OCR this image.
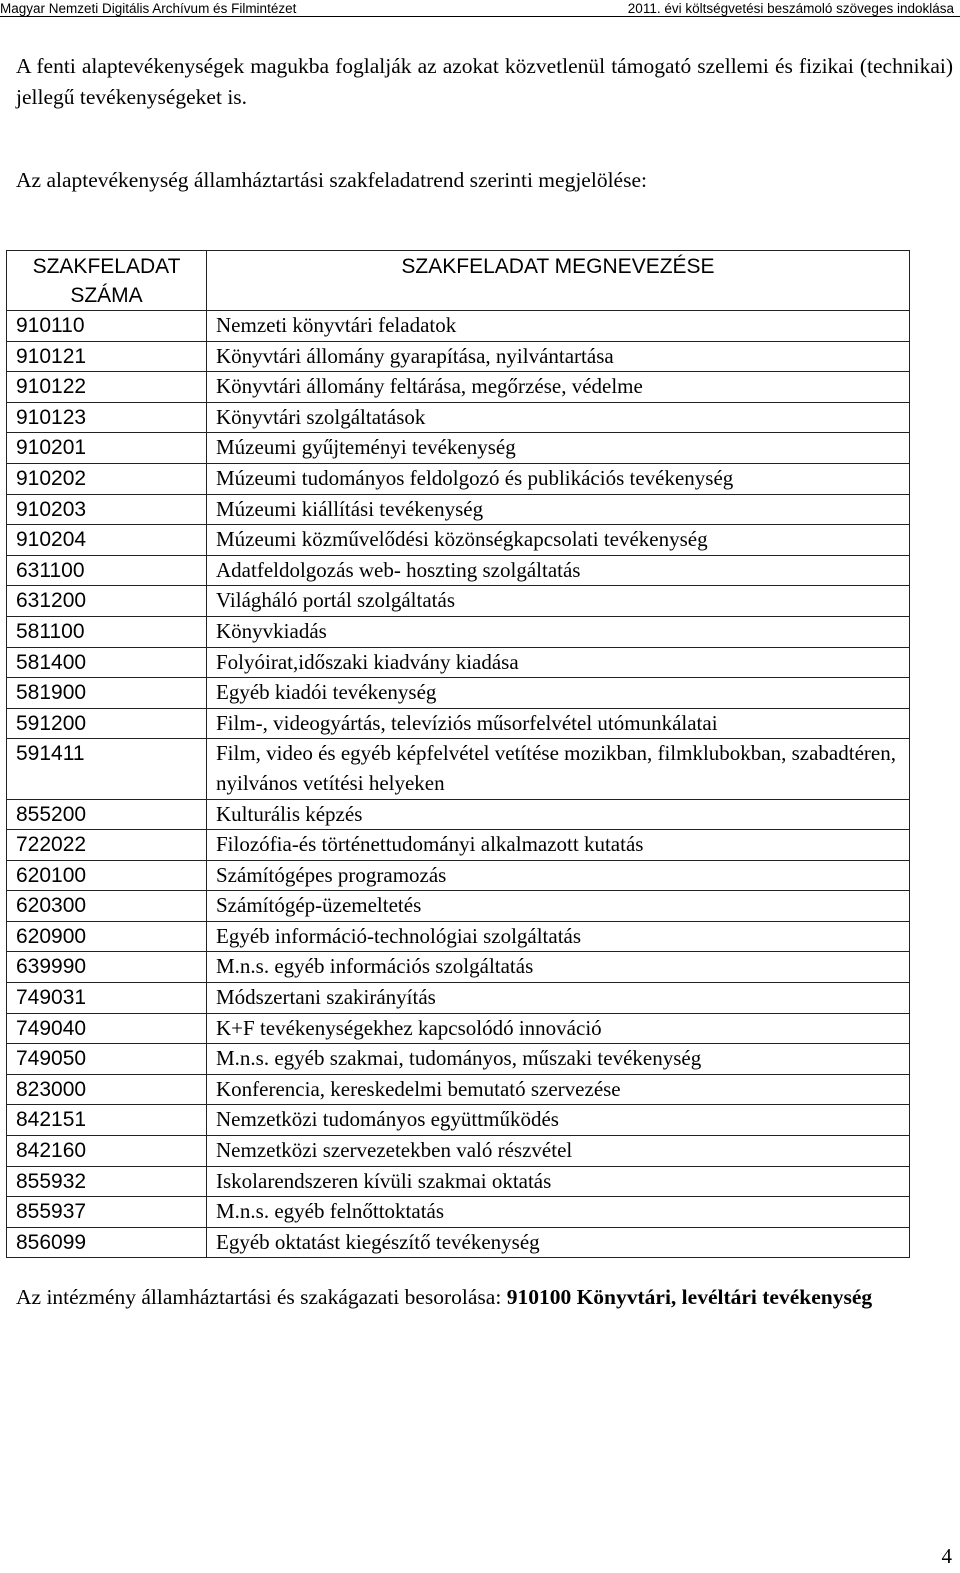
Magyar Nemzeti Digitális Archívum és Filmintézet	2011. évi költségvetési beszámoló szöveges indoklása
A fenti alaptevékenységek magukba foglalják az azokat közvetlenül támogató szellemi és fizikai (technikai) jellegű tevékenységeket is.
Az alaptevékenység államháztartási szakfeladatrend szerinti megjelölése:
SZAKFELADAT SZÁMA	SZAKFELADAT MEGNEVEZÉSE
910110	Nemzeti könyvtári feladatok
910121	Könyvtári állomány gyarapítása, nyilvántartása
910122	Könyvtári állomány feltárása, megőrzése, védelme
910123	Könyvtári szolgáltatások
910201	Múzeumi gyűjteményi tevékenység
910202	Múzeumi tudományos feldolgozó és publikációs tevékenység
910203	Múzeumi kiállítási tevékenység
910204	Múzeumi közművelődési közönségkapcsolati tevékenység
631100	Adatfeldolgozás web- hoszting szolgáltatás
631200	Világháló portál szolgáltatás
581100	Könyvkiadás
581400	Folyóirat,időszaki kiadvány kiadása
581900	Egyéb kiadói tevékenység
591200	Film-, videogyártás, televíziós műsorfelvétel utómunkálatai
591411	Film, video és egyéb képfelvétel vetítése mozikban, filmklubokban, szabadtéren, nyilvános vetítési helyeken
855200	Kulturális képzés
722022	Filozófia-és történettudományi alkalmazott kutatás
620100	Számítógépes programozás
620300	Számítógép-üzemeltetés
620900	Egyéb információ-technológiai szolgáltatás
639990	M.n.s. egyéb információs szolgáltatás
749031	Módszertani szakirányítás
749040	K+F tevékenységekhez kapcsolódó innováció
749050	M.n.s. egyéb szakmai, tudományos, műszaki tevékenység
823000	Konferencia, kereskedelmi bemutató szervezése
842151	Nemzetközi tudományos együttműködés
842160	Nemzetközi szervezetekben való részvétel
855932	Iskolarendszeren kívüli szakmai oktatás
855937	M.n.s. egyéb felnőttoktatás
856099	Egyéb oktatást kiegészítő tevékenység
Az intézmény államháztartási és szakágazati besorolása: 910100 Könyvtári, levéltári tevékenység
4
